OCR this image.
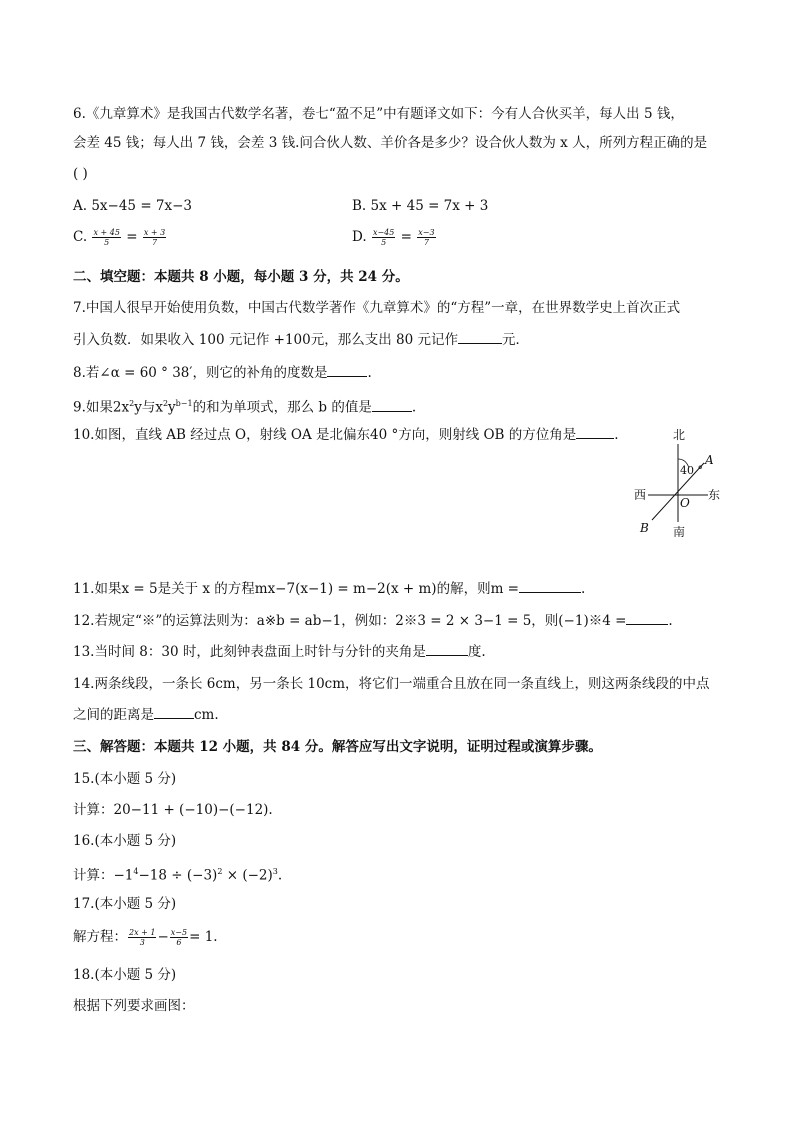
6.《九章算术》是我国古代数学名著，卷七“盈不足”中有题译文如下：今有人合伙买羊，每人出 5 钱，
会差 45 钱；每人出 7 钱，会差 3 钱.问合伙人数、羊价各是多少？设合伙人数为 x 人，所列方程正确的是
( )
A. 5x−45 = 7x−3	B. 5x + 45 = 7x + 3
C. $\frac{x + 45}{5} = \frac{x + 3}{7}$	D. $\frac{x-45}{5} = \frac{x-3}{7}$
二、填空题：本题共 8 小题，每小题 3 分，共 24 分。
7.中国人很早开始使用负数，中国古代数学著作《九章算术》的“方程”一章，在世界数学史上首次正式
引入负数．如果收入 100 元记作 +100元，那么支出 80 元记作	元．
8.若∠α = 60 ° 38′，则它的补角的度数是	.
9.如果$2x^2y$与$x^2y^{b-1}$的和为单项式，那么 b 的值是	.
10.如图，直线 AB 经过点 O，射线 OA 是北偏东40 °方向，则射线 OB 的方位角是	.	北
南
东
西
40 °
A
B
O
11.如果x = 5是关于 x 的方程mx−7(x−1) = m−2(x + m)的解，则m =	.
12.若规定“※”的运算法则为：a※b = ab−1，例如：2※3 = 2 × 3−1 = 5，则(−1)※4 =	.
13.当时间 8：30 时，此刻钟表盘面上时针与分针的夹角是	度.
14.两条线段，一条长 6cm，另一条长 10cm，将它们一端重合且放在同一条直线上，则这两条线段的中点
之间的距离是	cm.
三、解答题：本题共 12 小题，共 84 分。解答应写出文字说明，证明过程或演算步骤。
15.(本小题 5 分)
计算：20−11 + (−10)−(−12).
16.(本小题 5 分)
计算：$-1^4-18 \div (-3)^2 \times (-2)^3$.
17.(本小题 5 分)
解方程： $\frac{2x + 1}{3} - \frac{x-5}{6} = 1$.
18.(本小题 5 分)
根据下列要求画图：
